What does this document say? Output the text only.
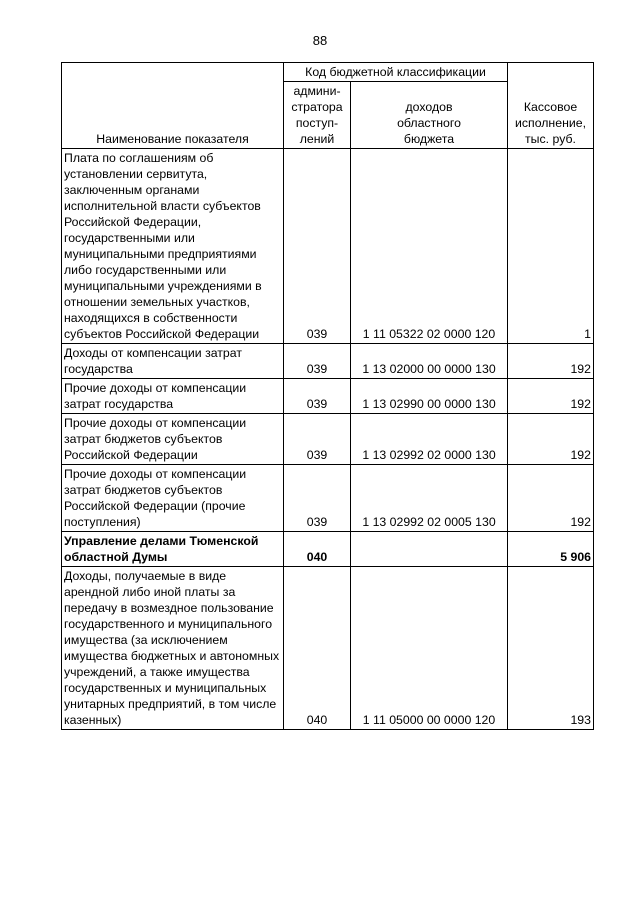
88
Наименование показателя	Код бюджетной классификации		Кассовое
исполнение,
тыс. руб.
	админи-
стратора
поступ-
лений	доходов
областного
бюджета	
Плата по соглашениям об установлении сервитута, заключенным органами исполнительной власти субъектов Российской Федерации, государственными или муниципальными предприятиями либо государственными или муниципальными учреждениями в отношении земельных участков, находящихся в собственности субъектов Российской Федерации	039	1 11 05322 02 0000 120	1
Доходы от компенсации затрат государства	039	1 13 02000 00 0000 130	192
Прочие доходы от компенсации затрат государства	039	1 13 02990 00 0000 130	192
Прочие доходы от компенсации затрат бюджетов субъектов Российской Федерации	039	1 13 02992 02 0000 130	192
Прочие доходы от компенсации затрат бюджетов субъектов Российской Федерации (прочие поступления)	039	1 13 02992 02 0005 130	192
Управление делами Тюменской областной Думы	040		5 906
Доходы, получаемые в виде арендной либо иной платы за передачу в возмездное пользование государственного и муниципального имущества (за исключением имущества бюджетных и автономных учреждений, а также имущества государственных и муниципальных унитарных предприятий, в том числе казенных)	040	1 11 05000 00 0000 120	193
